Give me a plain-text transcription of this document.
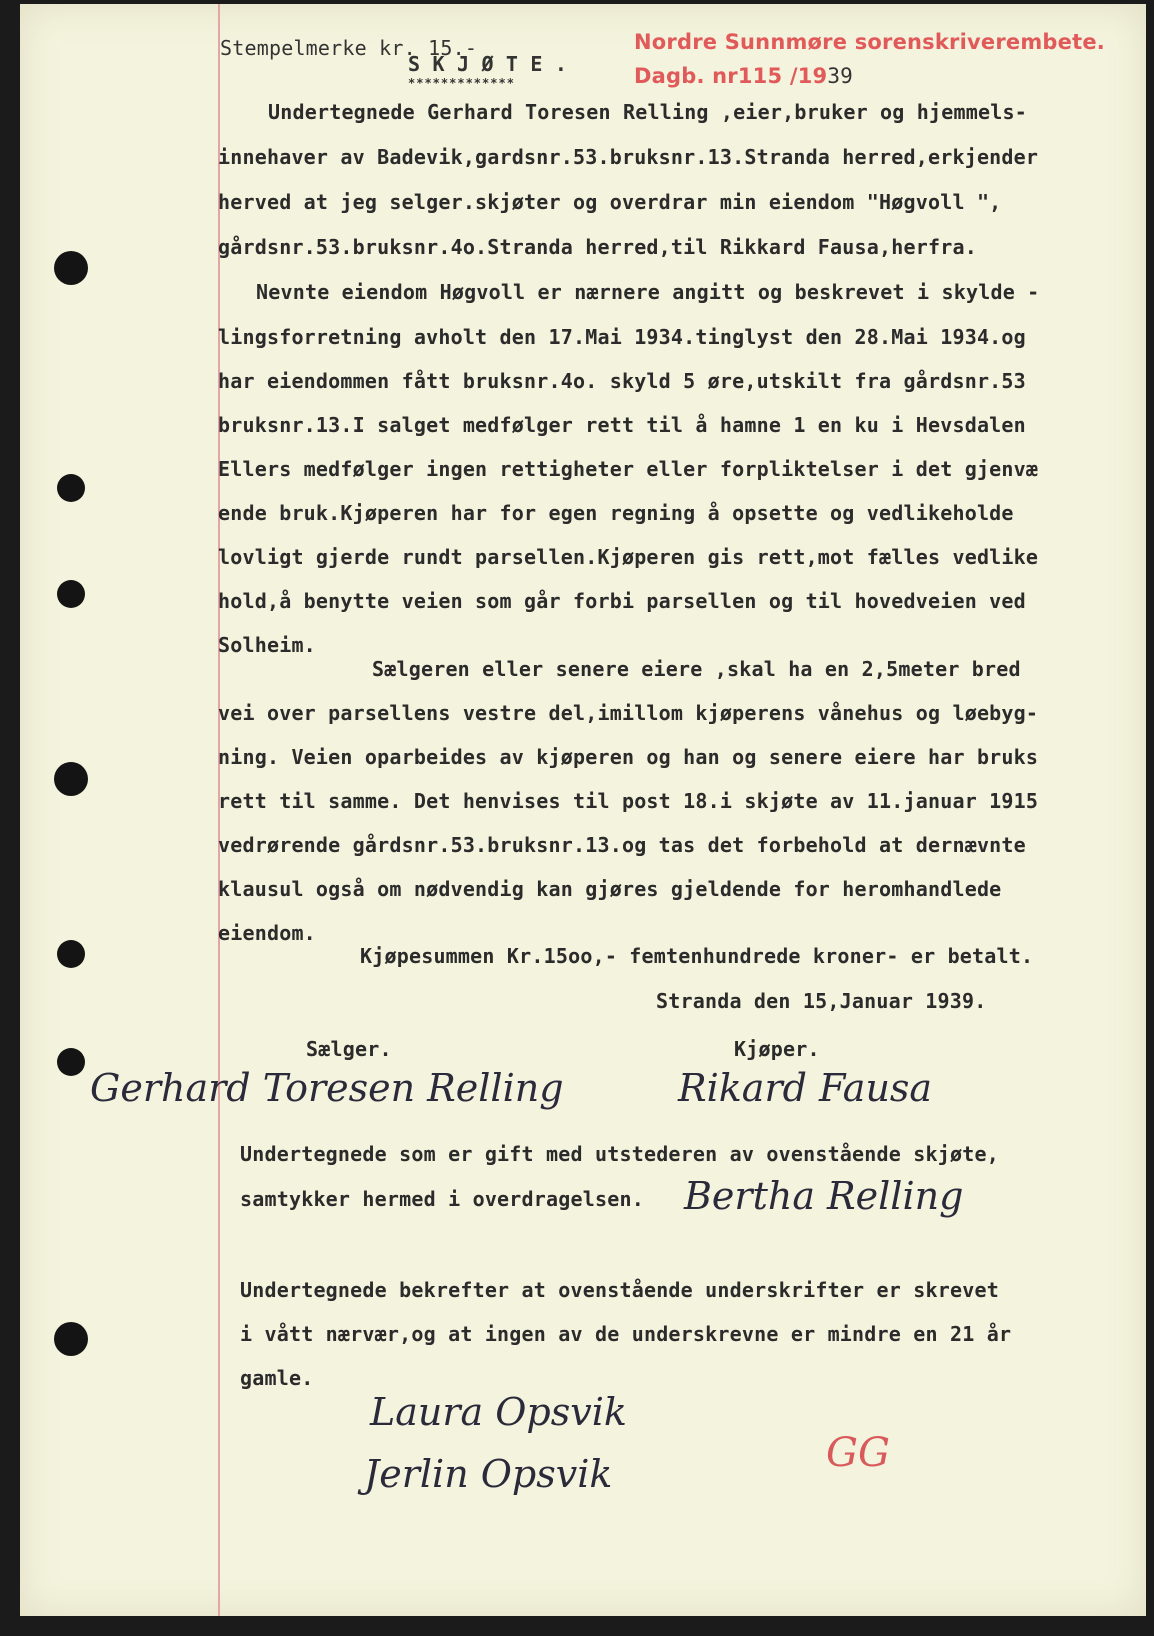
Stempelmerke kr. 15.-
S K J Ø T E .
*************
Nordre Sunnmøre sorenskriverembete.
Dagb. nr115 /1939
Undertegnede Gerhard Toresen Relling ,eier,bruker og hjemmels-
innehaver av Badevik,gardsnr.53.bruksnr.13.Stranda herred,erkjender
herved at jeg selger.skjøter og overdrar min eiendom "Høgvoll ",
gårdsnr.53.bruksnr.4o.Stranda herred,til Rikkard Fausa,herfra.
Nevnte eiendom Høgvoll er nærnere angitt og beskrevet i skylde -
lingsforretning avholt den 17.Mai 1934.tinglyst den 28.Mai 1934.og
har eiendommen fått bruksnr.4o. skyld 5 øre,utskilt fra gårdsnr.53
bruksnr.13.I salget medfølger rett til å hamne 1 en ku i Hevsdalen
Ellers medfølger ingen rettigheter eller forpliktelser i det gjenvæ
ende bruk.Kjøperen har for egen regning å opsette og vedlikeholde
lovligt gjerde rundt parsellen.Kjøperen gis rett,mot fælles vedlike
hold,å benytte veien som går forbi parsellen og til hovedveien ved
Solheim.
Sælgeren eller senere eiere ,skal ha en 2,5meter bred
vei over parsellens vestre del,imillom kjøperens vånehus og løebyg-
ning. Veien oparbeides av kjøperen og han og senere eiere har bruks
rett til samme. Det henvises til post 18.i skjøte av 11.januar 1915
vedrørende gårdsnr.53.bruksnr.13.og tas det forbehold at dernævnte
klausul også om nødvendig kan gjøres gjeldende for heromhandlede
eiendom.
Kjøpesummen Kr.15oo,- femtenhundrede kroner- er betalt.
Stranda den 15,Januar 1939.
Sælger.	Kjøper.
Gerhard Toresen Relling	Rikard Fausa
Undertegnede som er gift med utstederen av ovenstående skjøte,
samtykker hermed i overdragelsen. Bertha Relling
Undertegnede bekrefter at ovenstående underskrifter er skrevet
i vått nærvær,og at ingen av de underskrevne er mindre en 21 år
gamle.
Laura Opsvik
Jerlin Opsvik	GG
